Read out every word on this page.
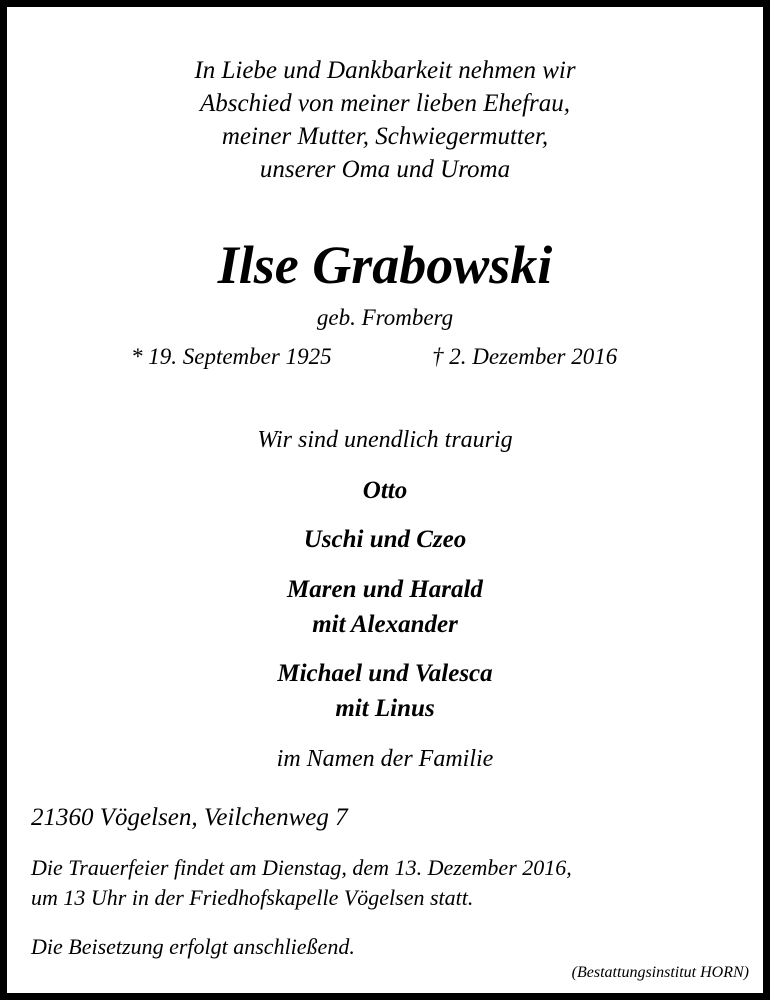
In Liebe und Dankbarkeit nehmen wir
Abschied von meiner lieben Ehefrau,
meiner Mutter, Schwiegermutter,
unserer Oma und Uroma
Ilse Grabowski
geb. Fromberg
* 19. September 1925	† 2. Dezember 2016
Wir sind unendlich traurig
Otto
Uschi und Czeo
Maren und Harald
mit Alexander
Michael und Valesca
mit Linus
im Namen der Familie
21360 Vögelsen, Veilchenweg 7
Die Trauerfeier findet am Dienstag, dem 13. Dezember 2016,
um 13 Uhr in der Friedhofskapelle Vögelsen statt.
Die Beisetzung erfolgt anschließend.
(Bestattungsinstitut HORN)
